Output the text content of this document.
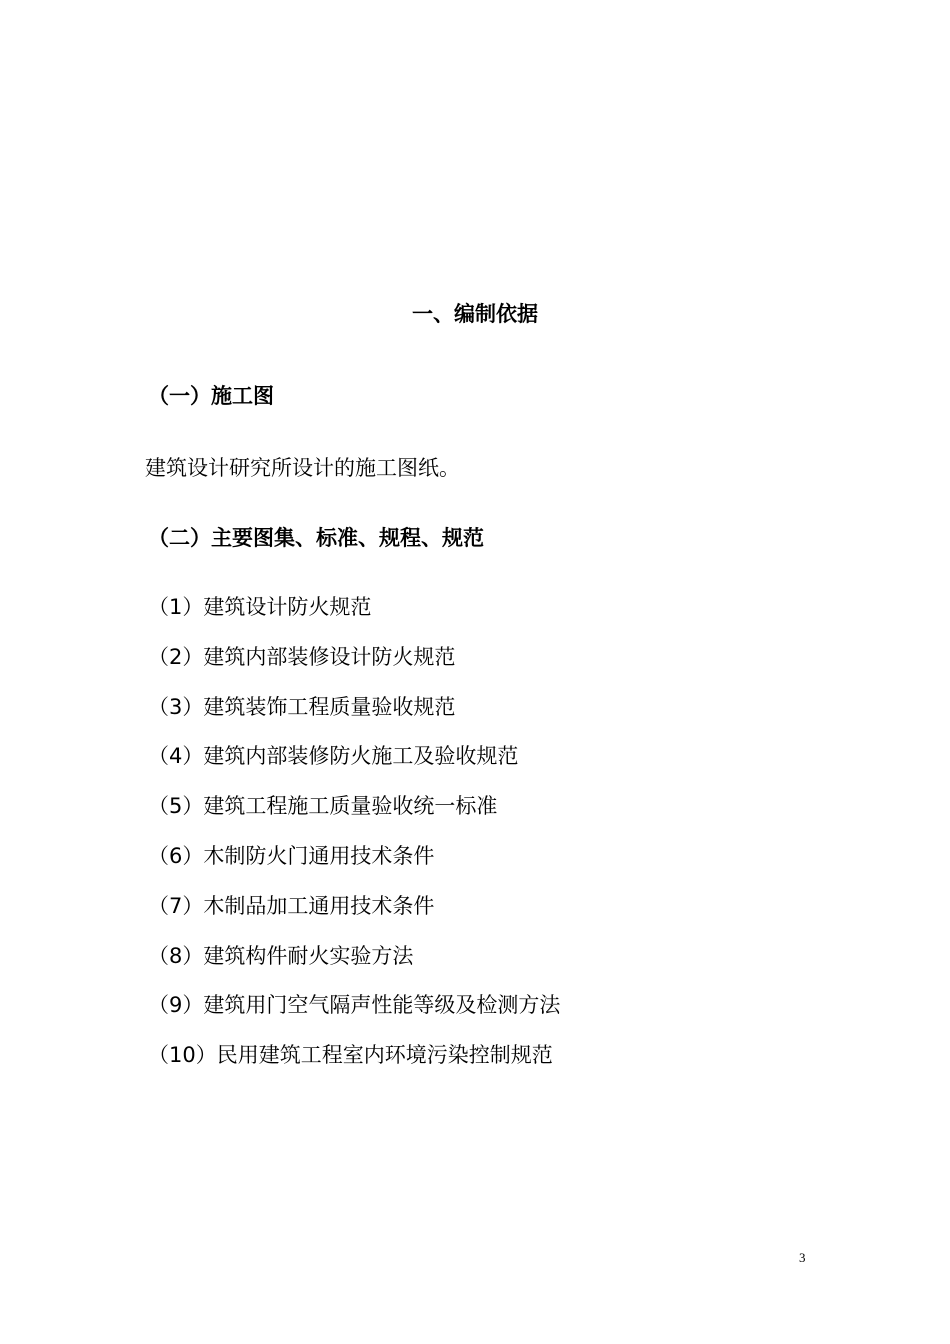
一、编制依据
（一）施工图
建筑设计研究所设计的施工图纸。
（二）主要图集、标准、规程、规范
（1）建筑设计防火规范
（2）建筑内部装修设计防火规范
（3）建筑装饰工程质量验收规范
（4）建筑内部装修防火施工及验收规范
（5）建筑工程施工质量验收统一标准
（6）木制防火门通用技术条件
（7）木制品加工通用技术条件
（8）建筑构件耐火实验方法
（9）建筑用门空气隔声性能等级及检测方法
（10）民用建筑工程室内环境污染控制规范
3
